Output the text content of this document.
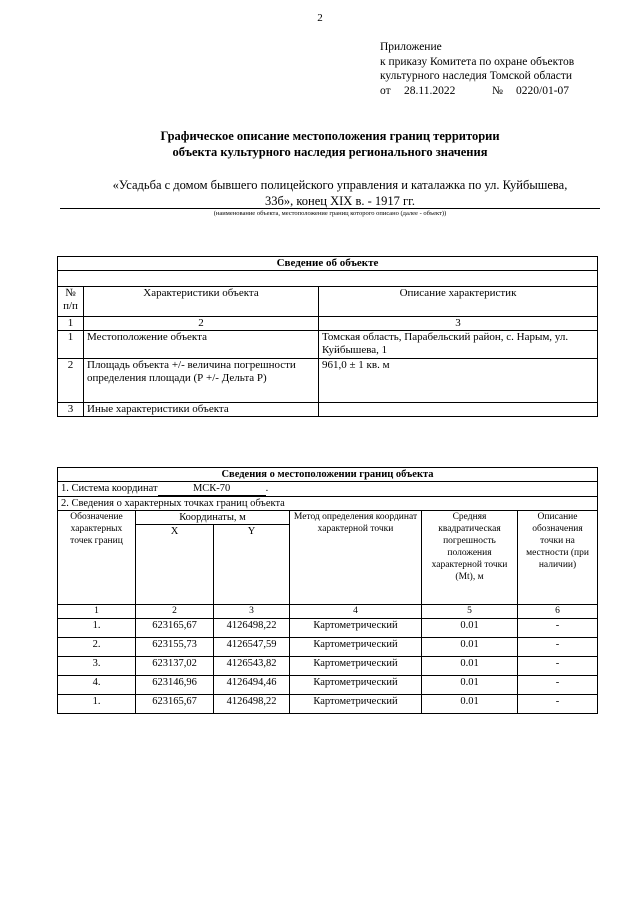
2
Приложение
к приказу Комитета по охране объектов
культурного наследия Томской области
от 28.11.2022	№ 0220/01-07
Графическое описание местоположения границ территории
объекта культурного наследия регионального значения
«Усадьба с домом бывшего полицейского управления и каталажка по ул. Куйбышева,
33б», конец XIX в. - 1917 гг.
(наименование объекта, местоположение границ которого описано (далее - объект))
Сведение об объекте		

№ п/п	Характеристики объекта	Описание характеристик
1	2	3
1	Местоположение объекта	Томская область, Парабельский район, с. Нарым, ул. Куйбышева, 1
2	Площадь объекта +/- величина погрешности определения площади (Р +/- Дельта Р)	961,0 ± 1 кв. м
3	Иные характеристики объекта	
Сведения о местоположении границ объекта					
1. Система координат МСК-70 .					
2. Сведения о характерных точках границ объекта					
Обозначение характерных точек границ	Координаты, м		Метод определения координат характерной точки	Средняя квадратическая погрешность положения характерной точки (Mt), м	Описание обозначения точки на местности (при наличии)
	X	Y			
1	2	3	4	5	6
1.	623165,67	4126498,22	Картометрический	0.01	-
2.	623155,73	4126547,59	Картометрический	0.01	-
3.	623137,02	4126543,82	Картометрический	0.01	-
4.	623146,96	4126494,46	Картометрический	0.01	-
1.	623165,67	4126498,22	Картометрический	0.01	-
